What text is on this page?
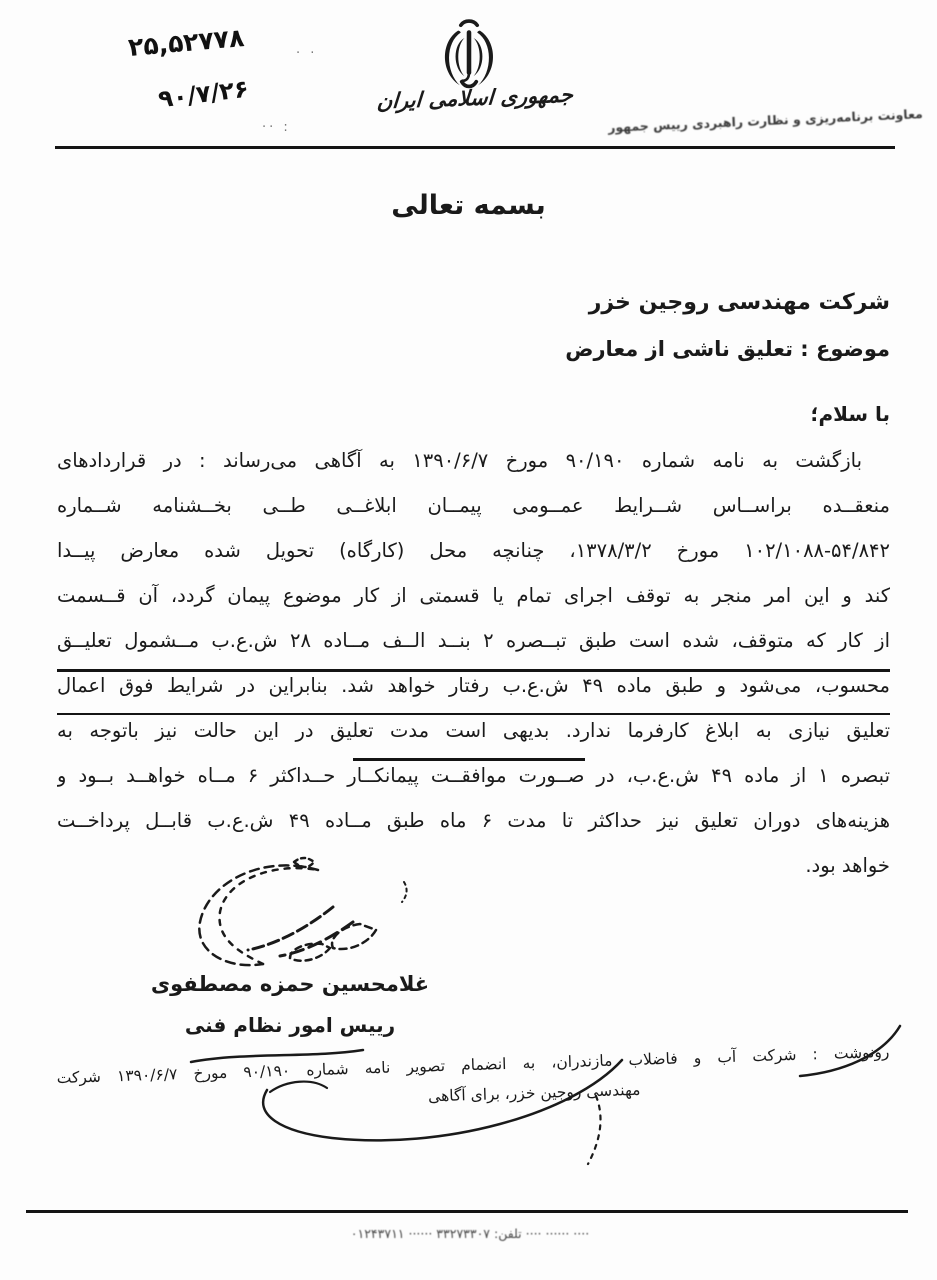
۲۵,۵۲۷۷۸
۹۰/۷/۲۶
· ·
·· :
جمهوری اسلامی ایران
معاونت برنامه‌ریزی و نظارت راهبردی رییس جمهور
بسمه تعالی
شرکت مهندسی روجین خزر
موضوع : تعلیق ناشی از معارض
با سلام؛
بازگشت به نامه شماره ۹۰/۱۹۰ مورخ ۱۳۹۰/۶/۷ به آگاهی می‌رساند : در قراردادهای
منعقــده براســاس شــرایط عمــومی پیمــان ابلاغــی طــی بخــشنامه شــماره
۱۰۲/۱۰۸۸-۵۴/۸۴۲ مورخ ۱۳۷۸/۳/۲، چنانچه محل (کارگاه) تحویل شده معارض پیــدا
کند و این امر منجر به توقف اجرای تمام یا قسمتی از کار موضوع پیمان گردد، آن قــسمت
از کار که متوقف، شده است طبق تبــصره ۲ بنــد الــف مــاده ۲۸ ش.ع.ب مــشمول تعلیــق
محسوب، می‌شود و طبق ماده ۴۹ ش.ع.ب رفتار خواهد شد. بنابراین در شرایط فوق اعمال
تعلیق نیازی به ابلاغ کارفرما ندارد. بدیهی است مدت تعلیق در این حالت نیز باتوجه به
تبصره ۱ از ماده ۴۹ ش.ع.ب، در صــورت موافقــت پیمانکــار حــداکثر ۶ مــاه خواهــد بــود و
هزینه‌های دوران تعلیق نیز حداکثر تا مدت ۶ ماه طبق مــاده ۴۹ ش.ع.ب قابــل پرداخــت
خواهد بود.
غلامحسین حمزه مصطفوی
رییس امور نظام فنی
رونوشت : شرکت آب و فاضلاب مازندران، به انضمام تصویر نامه شماره ۹۰/۱۹۰ مورخ ۱۳۹۰/۶/۷ شرکت
مهندسی روجین خزر، برای آگاهی
···· ······ ···· تلفن: ۳۳۲۷۳۳۰۷ ······ ۰۱۲۴۳۷۱۱
